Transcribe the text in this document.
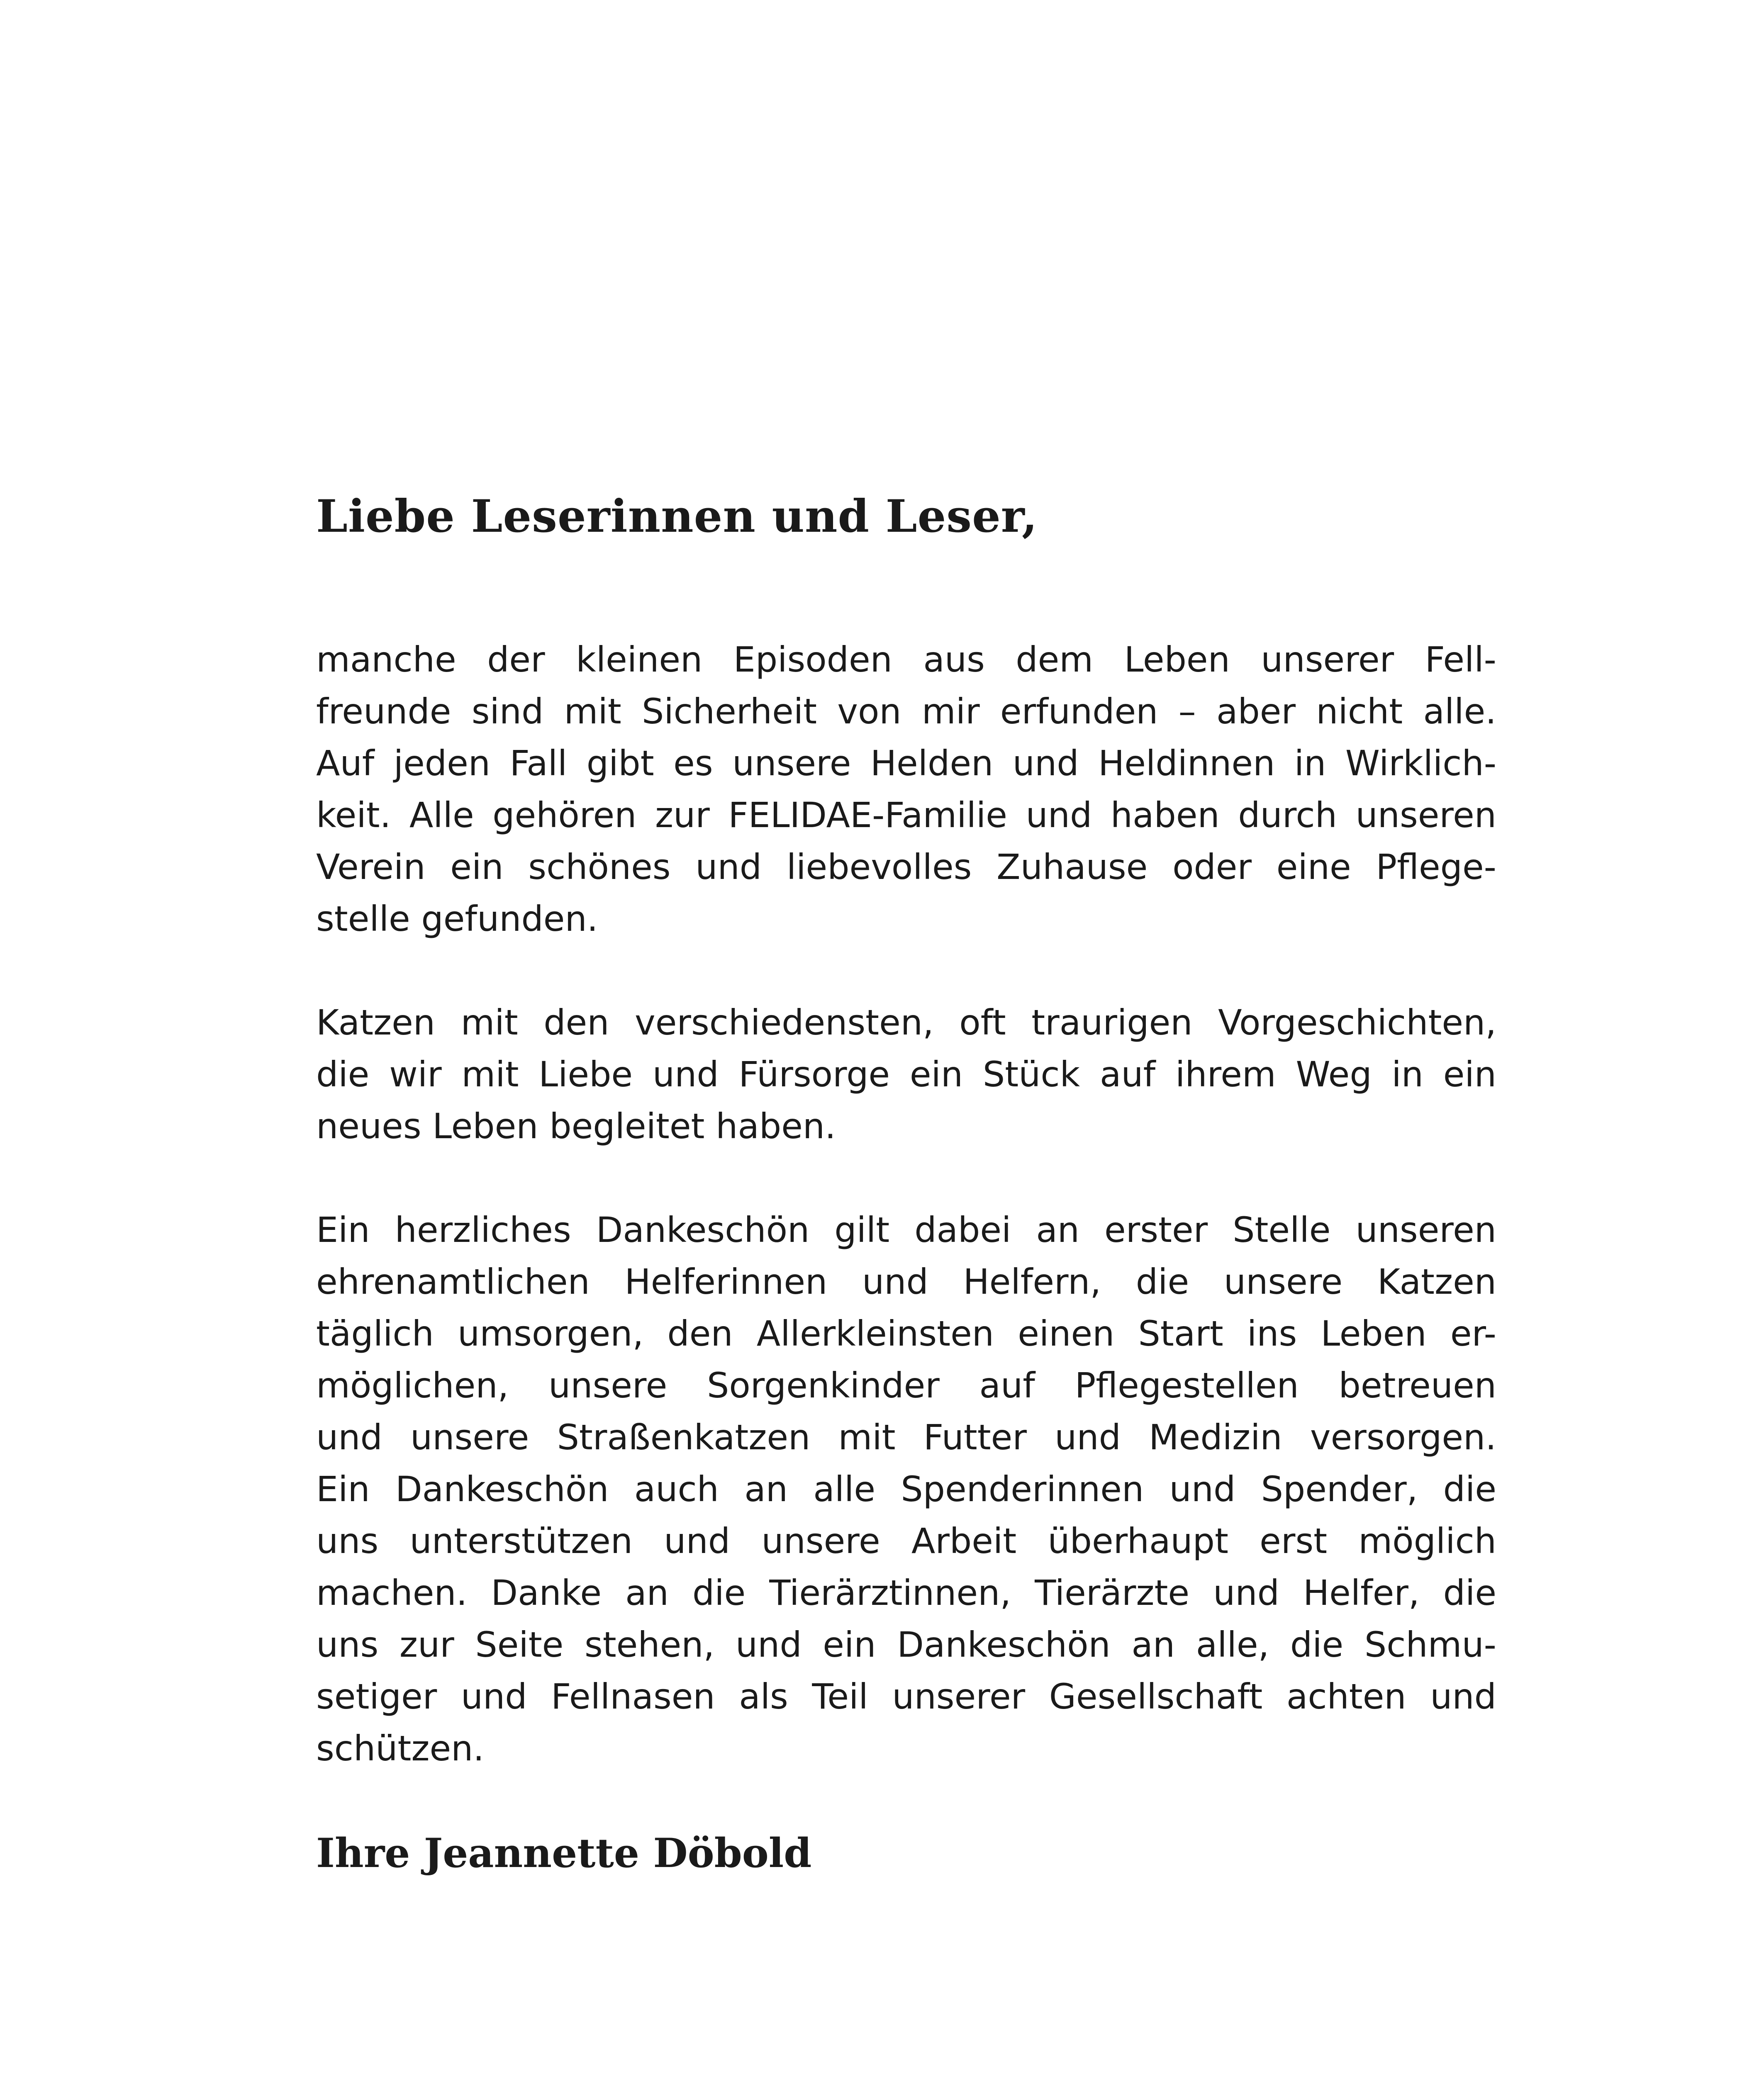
Liebe Leserinnen und Leser,

manche der kleinen Episoden aus dem Leben unserer Fell-
freunde sind mit Sicherheit von mir erfunden – aber nicht alle.
Auf jeden Fall gibt es unsere Helden und Heldinnen in Wirklich-
keit. Alle gehören zur FELIDAE-Familie und haben durch unseren
Verein ein schönes und liebevolles Zuhause oder eine Pflege-
stelle gefunden.

Katzen mit den verschiedensten, oft traurigen Vorgeschichten,
die wir mit Liebe und Fürsorge ein Stück auf ihrem Weg in ein
neues Leben begleitet haben.

Ein herzliches Dankeschön gilt dabei an erster Stelle unseren
ehrenamtlichen Helferinnen und Helfern, die unsere Katzen
täglich umsorgen, den Allerkleinsten einen Start ins Leben er-
möglichen, unsere Sorgenkinder auf Pflegestellen betreuen
und unsere Straßenkatzen mit Futter und Medizin versorgen.
Ein Dankeschön auch an alle Spenderinnen und Spender, die
uns unterstützen und unsere Arbeit überhaupt erst möglich
machen. Danke an die Tierärztinnen, Tierärzte und Helfer, die
uns zur Seite stehen, und ein Dankeschön an alle, die Schmu-
setiger und Fellnasen als Teil unserer Gesellschaft achten und
schützen.

Ihre Jeannette Döbold
